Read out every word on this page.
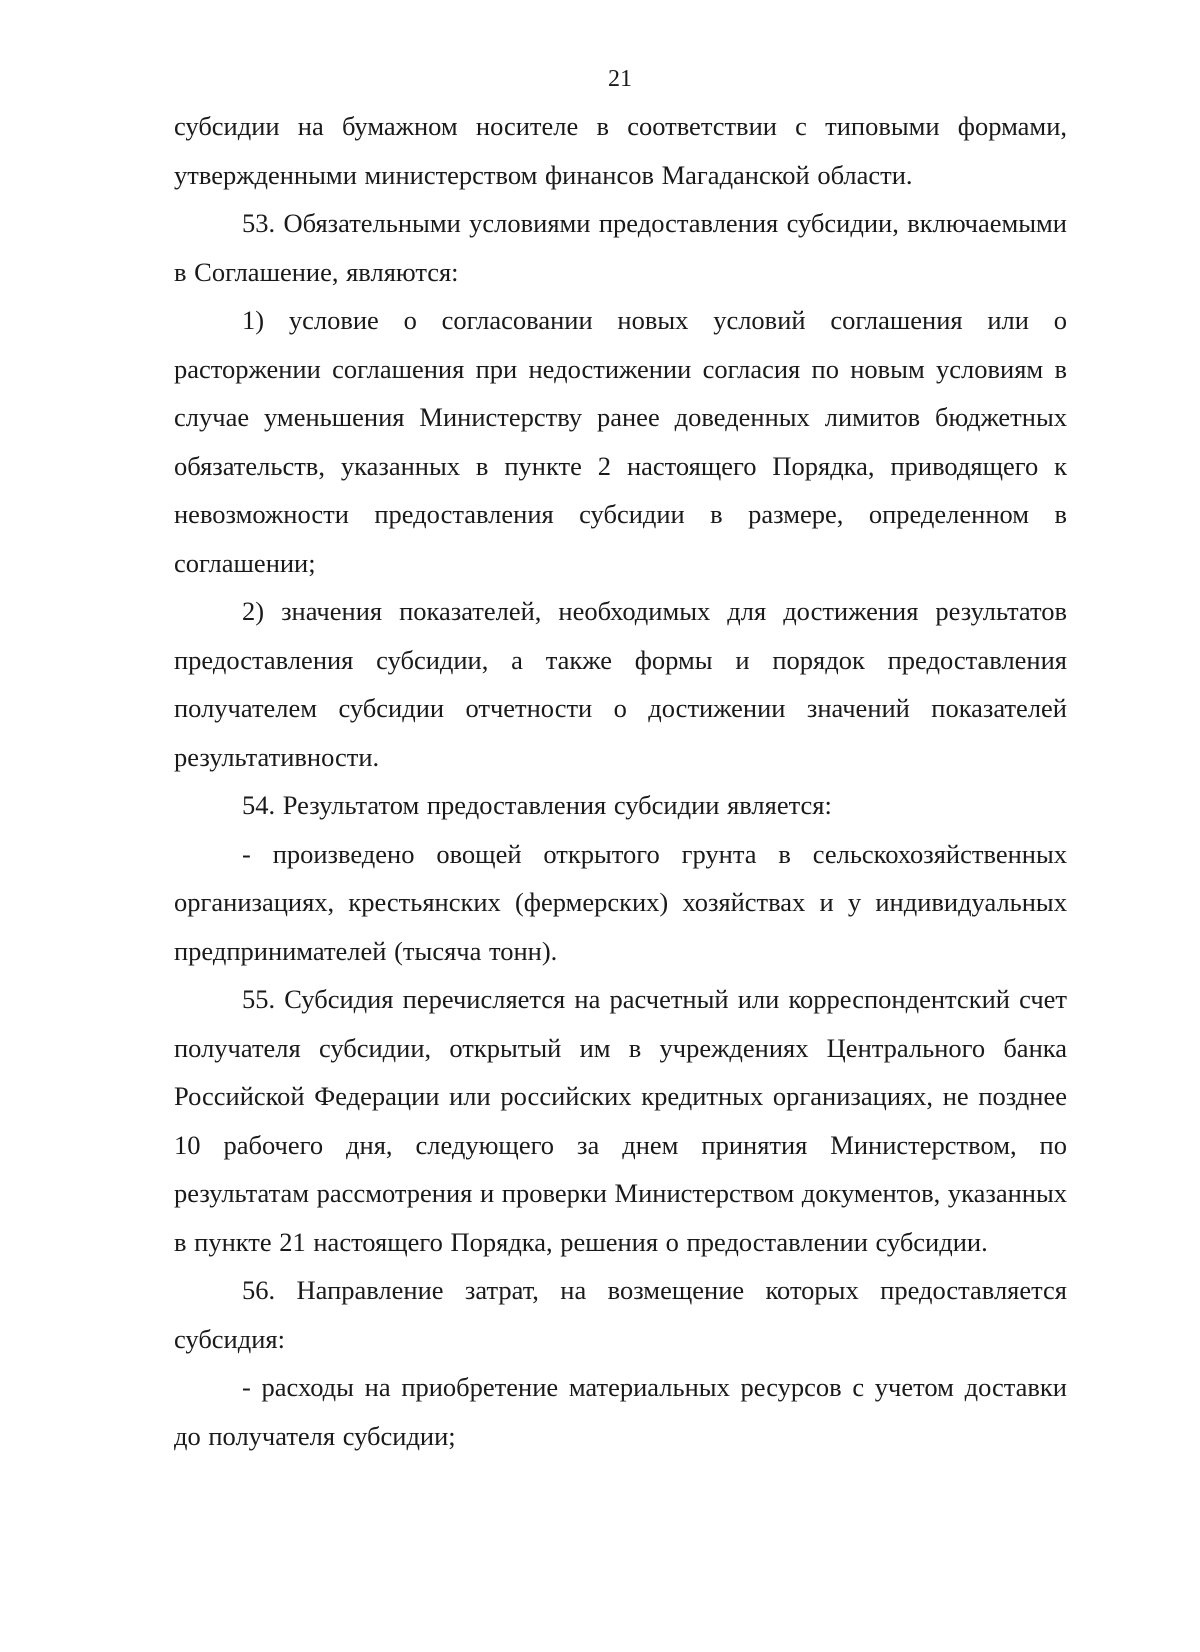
21

субсидии на бумажном носителе в соответствии с типовыми формами, утвержденными министерством финансов Магаданской области.

53. Обязательными условиями предоставления субсидии, включаемыми в Соглашение, являются:

1) условие о согласовании новых условий соглашения или о расторжении соглашения при недостижении согласия по новым условиям в случае уменьшения Министерству ранее доведенных лимитов бюджетных обязательств, указанных в пункте 2 настоящего Порядка, приводящего к невозможности предоставления субсидии в размере, определенном в соглашении;

2) значения показателей, необходимых для достижения результатов предоставления субсидии, а также формы и порядок предоставления получателем субсидии отчетности о достижении значений показателей результативности.

54. Результатом предоставления субсидии является:

- произведено овощей открытого грунта в сельскохозяйственных организациях, крестьянских (фермерских) хозяйствах и у индивидуальных предпринимателей (тысяча тонн).

55. Субсидия перечисляется на расчетный или корреспондентский счет получателя субсидии, открытый им в учреждениях Центрального банка Российской Федерации или российских кредитных организациях, не позднее 10 рабочего дня, следующего за днем принятия Министерством, по результатам рассмотрения и проверки Министерством документов, указанных в пункте 21 настоящего Порядка, решения о предоставлении субсидии.

56. Направление затрат, на возмещение которых предоставляется субсидия:

- расходы на приобретение материальных ресурсов с учетом доставки до получателя субсидии;
